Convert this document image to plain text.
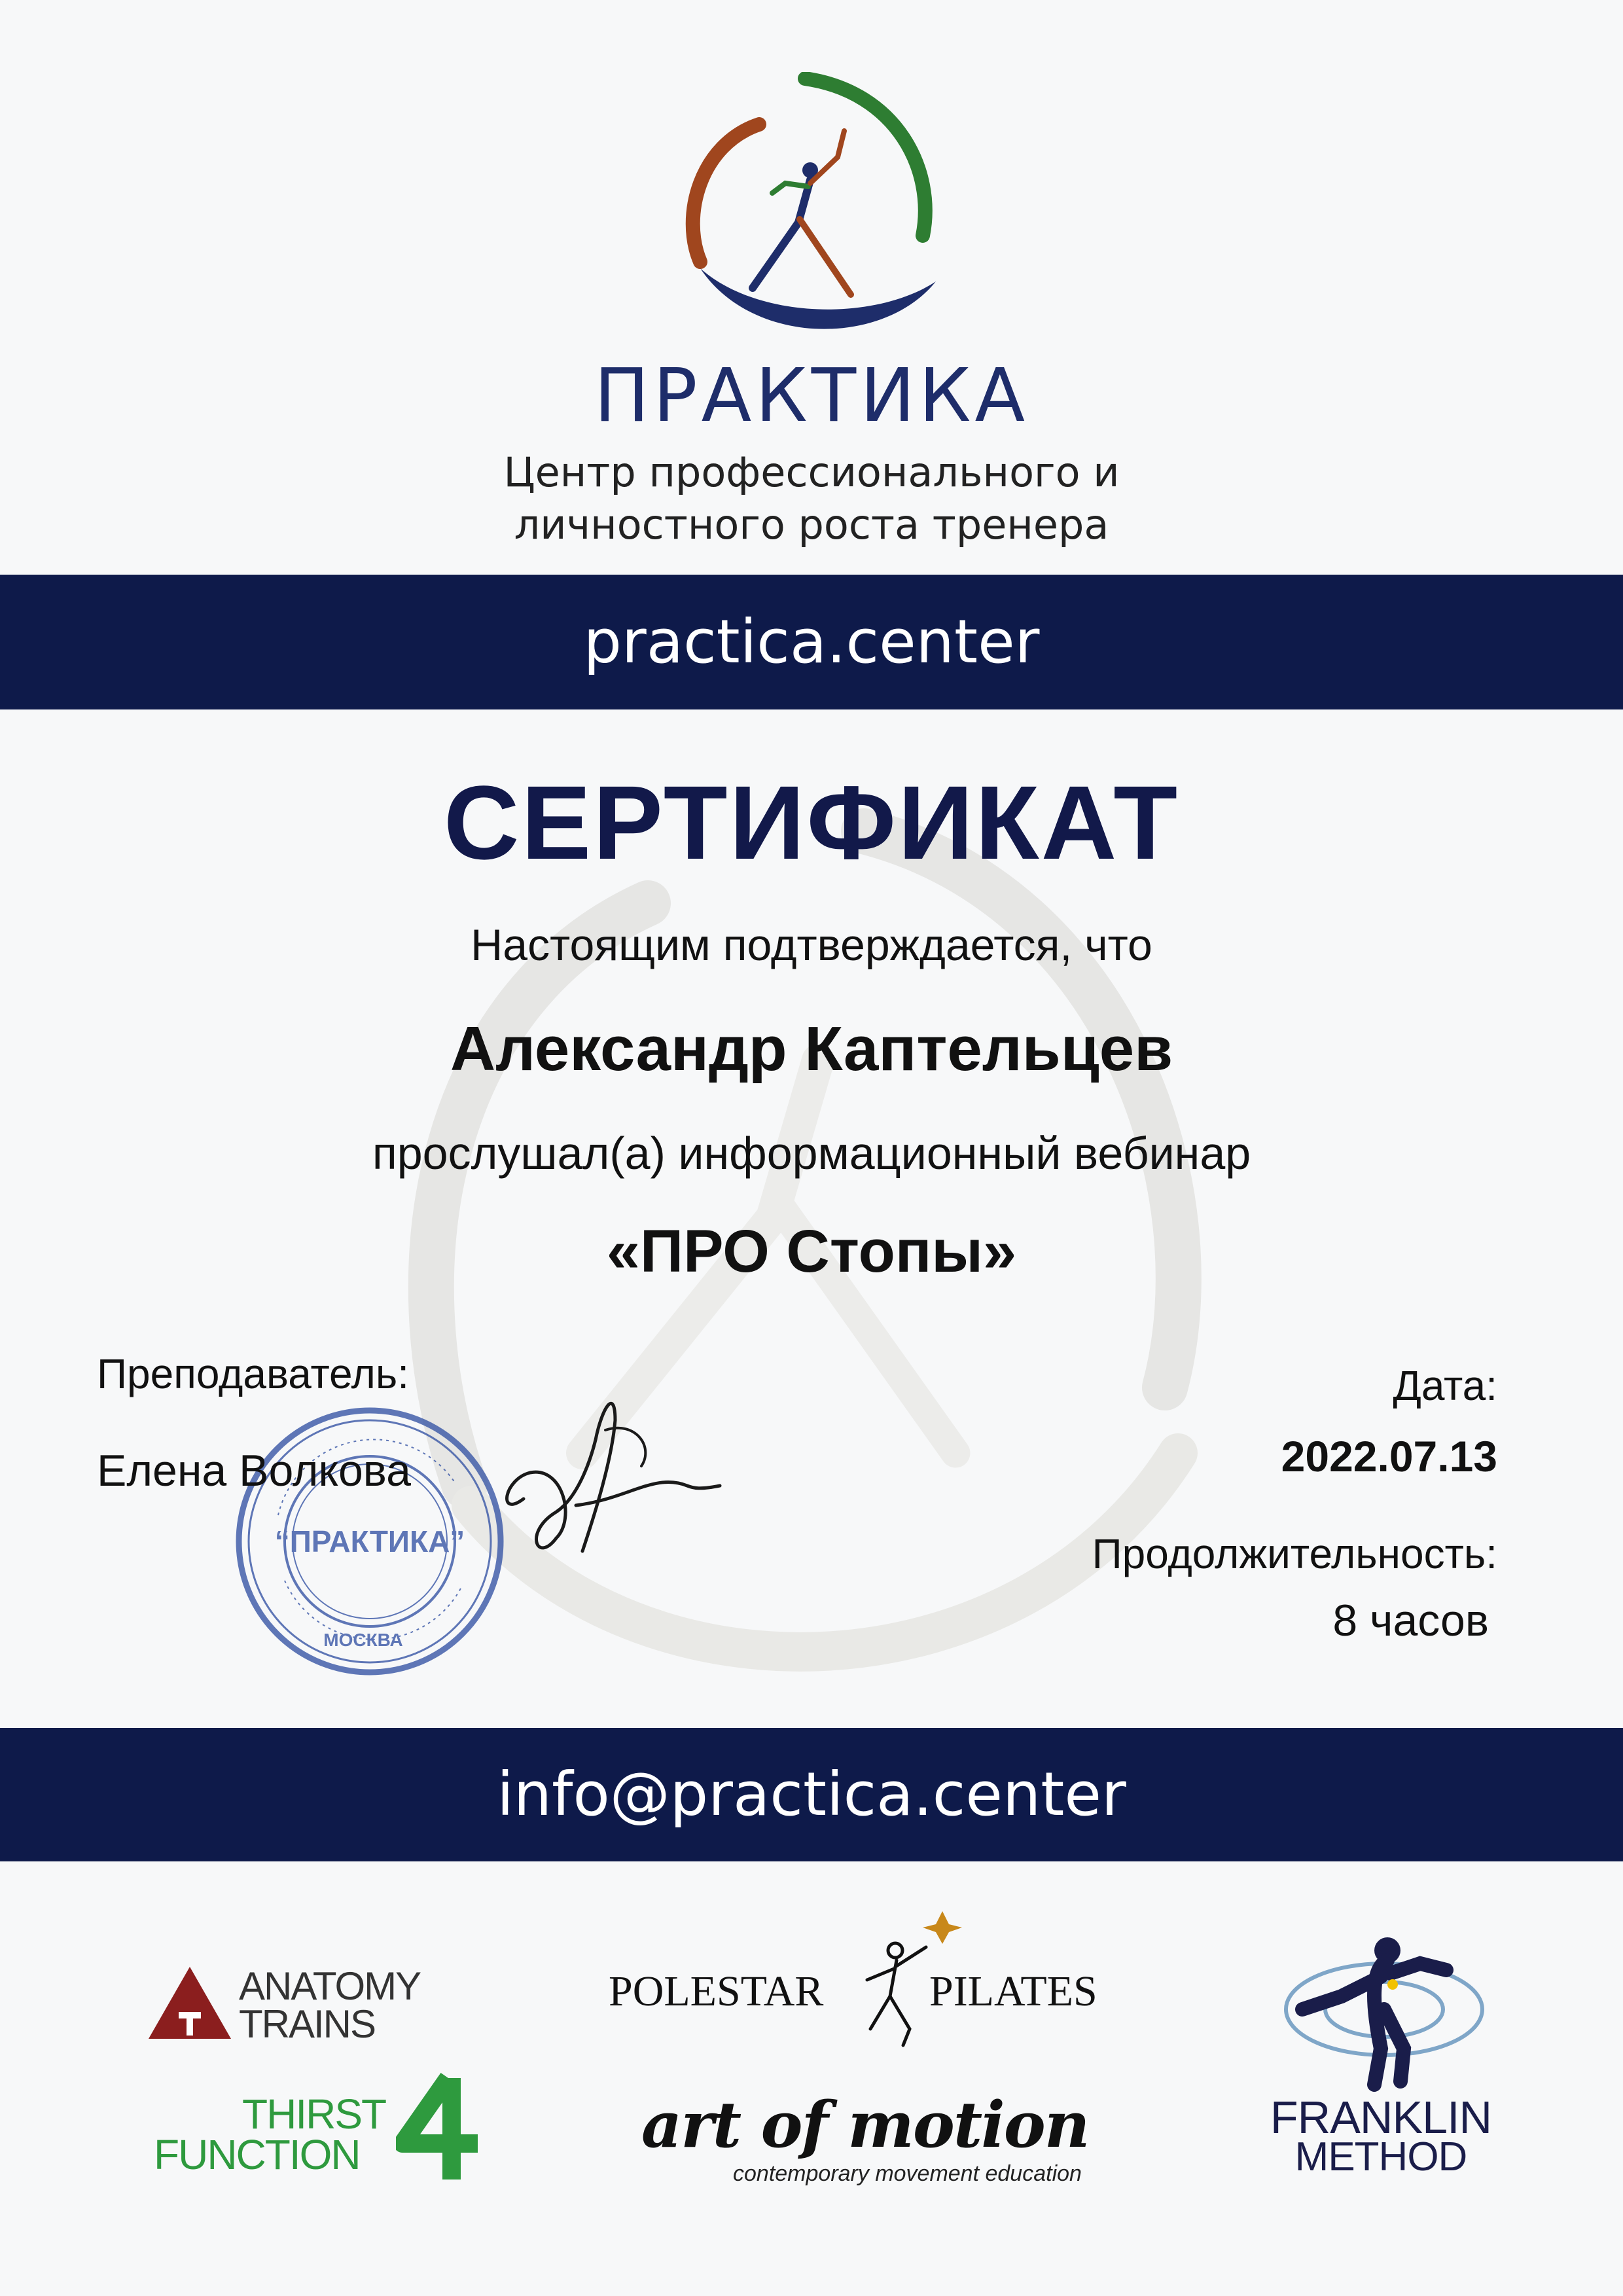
ПРАКТИКА
Центр профессионального и
личностного роста тренера
practica.center
СЕРТИФИКАТ
Настоящим подтверждается, что
Александр Каптельцев
прослушал(а) информационный вебинар
«ПРО Стопы»
“ПРАКТИКА”
МОСКВА
Преподаватель:
Елена Волкова
Дата:
2022.07.13
Продолжительность:
8 часов
info@practica.center
ANATOMY
TRAINS
THIRST
FUNCTION
POLESTAR PILATES
art of motion
contemporary movement education
FRANKLIN
METHOD
